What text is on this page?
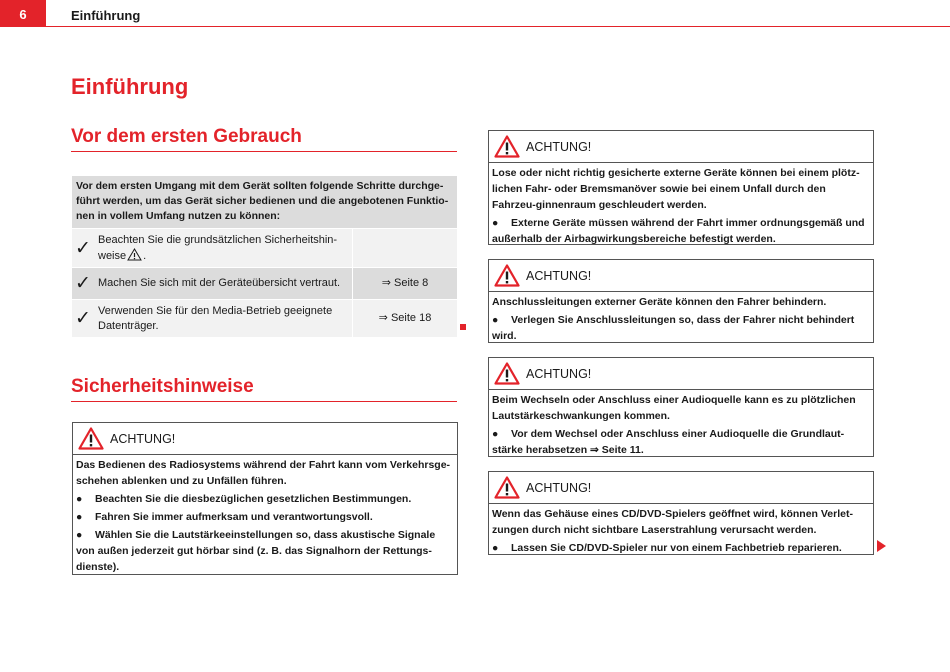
6	Einführung
Einführung
Vor dem ersten Gebrauch
Vor dem ersten Umgang mit dem Gerät sollten folgende Schritte durchge-führt werden, um das Gerät sicher bedienen und die angebotenen Funktio-nen in vollem Umfang nutzen zu können:
✓ Beachten Sie die grundsätzlichen Sicherheitshin-weise .
✓ Machen Sie sich mit der Geräteübersicht vertraut.	⇒ Seite 8
✓ Verwenden Sie für den Media-Betrieb geeignete Datenträger.
⇒ Seite 18
Sicherheitshinweise
ACHTUNG!

Das Bedienen des Radiosystems während der Fahrt kann vom Verkehrsge-schehen ablenken und zu Unfällen führen.

● Beachten Sie die diesbezüglichen gesetzlichen Bestimmungen.

● Fahren Sie immer aufmerksam und verantwortungsvoll.

● Wählen Sie die Lautstärkeeinstellungen so, dass akustische Signale von außen jederzeit gut hörbar sind (z. B. das Signalhorn der Rettungs-dienste).

ACHTUNG!

Lose oder nicht richtig gesicherte externe Geräte können bei einem plötz-lichen Fahr- oder Bremsmanöver sowie bei einem Unfall durch den Fahrzeu-ginnenraum geschleudert werden.

● Externe Geräte müssen während der Fahrt immer ordnungsgemäß und außerhalb der Airbagwirkungsbereiche befestigt werden.

ACHTUNG!

Anschlussleitungen externer Geräte können den Fahrer behindern.

● Verlegen Sie Anschlussleitungen so, dass der Fahrer nicht behindert wird.

ACHTUNG!

Beim Wechseln oder Anschluss einer Audioquelle kann es zu plötzlichen Lautstärkeschwankungen kommen.

● Vor dem Wechsel oder Anschluss einer Audioquelle die Grundlaut-stärke herabsetzen ⇒ Seite 11.

ACHTUNG!

Wenn das Gehäuse eines CD/DVD-Spielers geöffnet wird, können Verlet-zungen durch nicht sichtbare Laserstrahlung verursacht werden.

● Lassen Sie CD/DVD-Spieler nur von einem Fachbetrieb reparieren.
